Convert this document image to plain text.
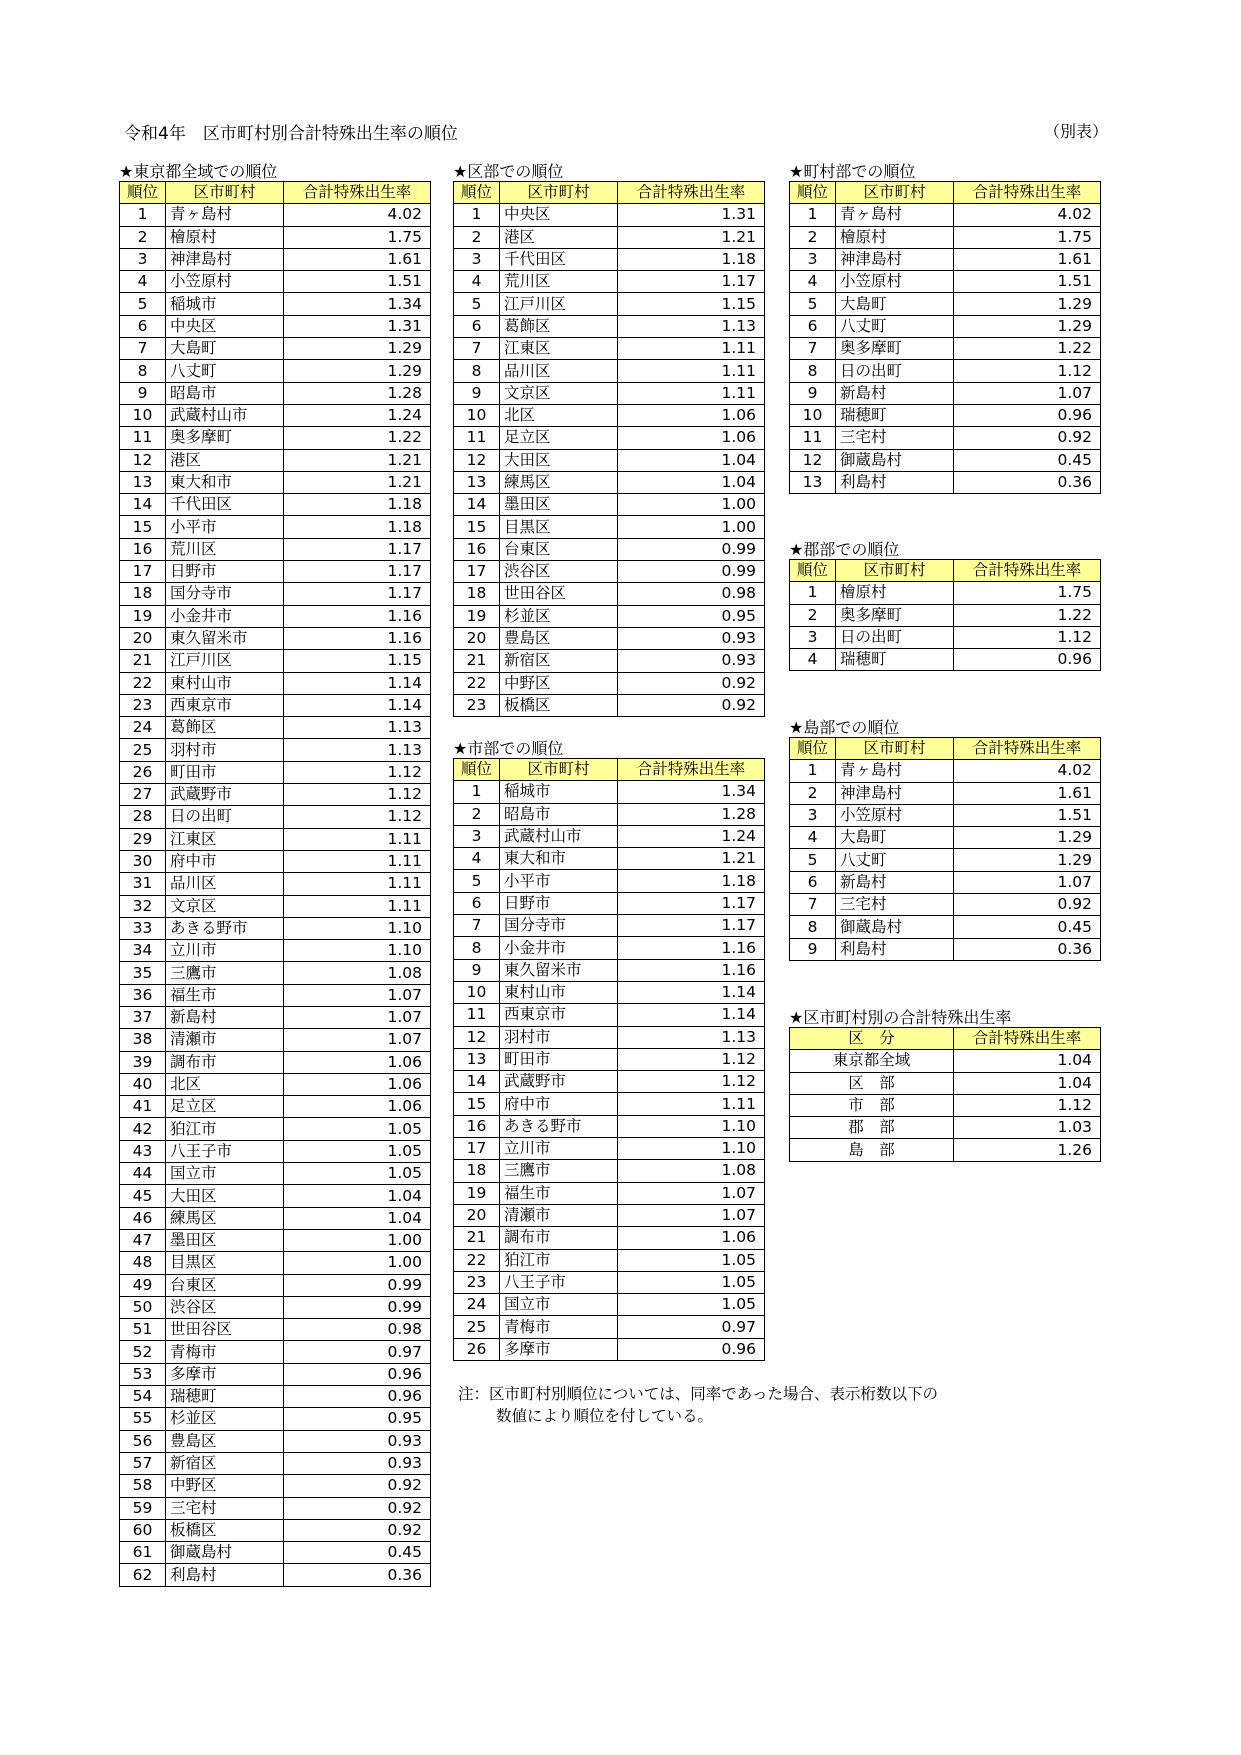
令和4年　区市町村別合計特殊出生率の順位	（別表）
★東京都全域での順位
順位	区市町村	合計特殊出生率
1	青ヶ島村	4.02
2	檜原村	1.75
3	神津島村	1.61
4	小笠原村	1.51
5	稲城市	1.34
6	中央区	1.31
7	大島町	1.29
8	八丈町	1.29
9	昭島市	1.28
10	武蔵村山市	1.24
11	奥多摩町	1.22
12	港区	1.21
13	東大和市	1.21
14	千代田区	1.18
15	小平市	1.18
16	荒川区	1.17
17	日野市	1.17
18	国分寺市	1.17
19	小金井市	1.16
20	東久留米市	1.16
21	江戸川区	1.15
22	東村山市	1.14
23	西東京市	1.14
24	葛飾区	1.13
25	羽村市	1.13
26	町田市	1.12
27	武蔵野市	1.12
28	日の出町	1.12
29	江東区	1.11
30	府中市	1.11
31	品川区	1.11
32	文京区	1.11
33	あきる野市	1.10
34	立川市	1.10
35	三鷹市	1.08
36	福生市	1.07
37	新島村	1.07
38	清瀬市	1.07
39	調布市	1.06
40	北区	1.06
41	足立区	1.06
42	狛江市	1.05
43	八王子市	1.05
44	国立市	1.05
45	大田区	1.04
46	練馬区	1.04
47	墨田区	1.00
48	目黒区	1.00
49	台東区	0.99
50	渋谷区	0.99
51	世田谷区	0.98
52	青梅市	0.97
53	多摩市	0.96
54	瑞穂町	0.96
55	杉並区	0.95
56	豊島区	0.93
57	新宿区	0.93
58	中野区	0.92
59	三宅村	0.92
60	板橋区	0.92
61	御蔵島村	0.45
62	利島村	0.36
★区部での順位
順位	区市町村	合計特殊出生率
1	中央区	1.31
2	港区	1.21
3	千代田区	1.18
4	荒川区	1.17
5	江戸川区	1.15
6	葛飾区	1.13
7	江東区	1.11
8	品川区	1.11
9	文京区	1.11
10	北区	1.06
11	足立区	1.06
12	大田区	1.04
13	練馬区	1.04
14	墨田区	1.00
15	目黒区	1.00
16	台東区	0.99
17	渋谷区	0.99
18	世田谷区	0.98
19	杉並区	0.95
20	豊島区	0.93
21	新宿区	0.93
22	中野区	0.92
23	板橋区	0.92
★市部での順位
順位	区市町村	合計特殊出生率
1	稲城市	1.34
2	昭島市	1.28
3	武蔵村山市	1.24
4	東大和市	1.21
5	小平市	1.18
6	日野市	1.17
7	国分寺市	1.17
8	小金井市	1.16
9	東久留米市	1.16
10	東村山市	1.14
11	西東京市	1.14
12	羽村市	1.13
13	町田市	1.12
14	武蔵野市	1.12
15	府中市	1.11
16	あきる野市	1.10
17	立川市	1.10
18	三鷹市	1.08
19	福生市	1.07
20	清瀬市	1.07
21	調布市	1.06
22	狛江市	1.05
23	八王子市	1.05
24	国立市	1.05
25	青梅市	0.97
26	多摩市	0.96
★町村部での順位
順位	区市町村	合計特殊出生率
1	青ヶ島村	4.02
2	檜原村	1.75
3	神津島村	1.61
4	小笠原村	1.51
5	大島町	1.29
6	八丈町	1.29
7	奥多摩町	1.22
8	日の出町	1.12
9	新島村	1.07
10	瑞穂町	0.96
11	三宅村	0.92
12	御蔵島村	0.45
13	利島村	0.36
★郡部での順位
順位	区市町村	合計特殊出生率
1	檜原村	1.75
2	奥多摩町	1.22
3	日の出町	1.12
4	瑞穂町	0.96
★島部での順位
順位	区市町村	合計特殊出生率
1	青ヶ島村	4.02
2	神津島村	1.61
3	小笠原村	1.51
4	大島町	1.29
5	八丈町	1.29
6	新島村	1.07
7	三宅村	0.92
8	御蔵島村	0.45
9	利島村	0.36
★区市町村別の合計特殊出生率
区　分	合計特殊出生率
東京都全域	1.04
区　部	1.04
市　部	1.12
郡　部	1.03
島　部	1.26
注：区市町村別順位については、同率であった場合、表示桁数以下の
数値により順位を付している。
